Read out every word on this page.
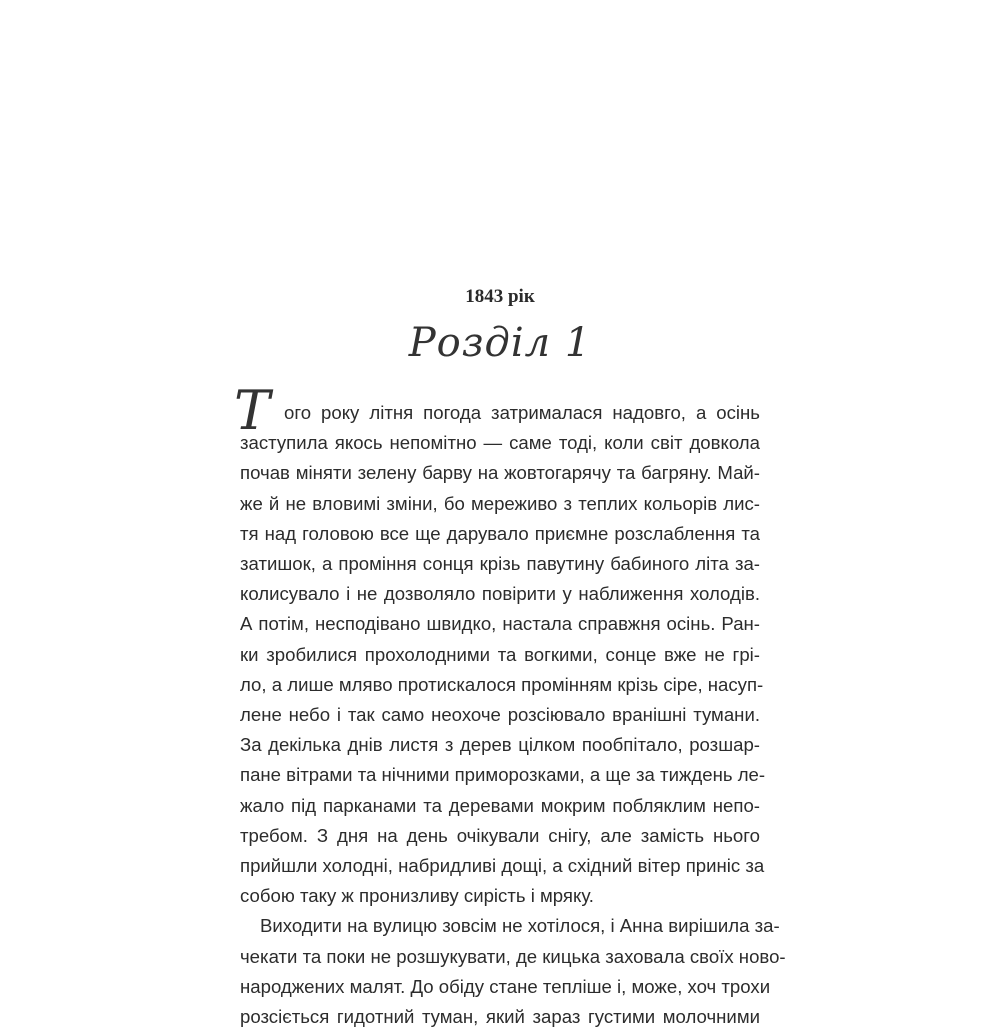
1843 рік
Розділ 1
Т ого року літня погода затрималася надовго, а осінь
заступила якось непомітно — саме тоді, коли світ довкола
почав міняти зелену барву на жовтогарячу та багряну. Май-
же й не вловимі зміни, бо мереживо з теплих кольорів лис-
тя над головою все ще дарувало приємне розслаблення та
затишок, а проміння сонця крізь павутину бабиного літа за-
колисувало і не дозволяло повірити у наближення холодів.
А потім, несподівано швидко, настала справжня осінь. Ран-
ки зробилися прохолодними та вогкими, сонце вже не грі-
ло, а лише мляво протискалося промінням крізь сіре, насуп-
лене небо і так само неохоче розсіювало вранішні тумани.
За декілька днів листя з дерев цілком пообпітало, розшар-
пане вітрами та нічними приморозками, а ще за тиждень ле-
жало під парканами та деревами мокрим побляклим непо-
требом. З дня на день очікували снігу, але замість нього
прийшли холодні, набридливі дощі, а східний вітер приніс за
собою таку ж пронизливу сирість і мряку.
Виходити на вулицю зовсім не хотілося, і Анна вирішила за-
чекати та поки не розшукувати, де кицька заховала своїх ново-
народжених малят. До обіду стане тепліше і, може, хоч трохи
розсіється гидотний туман, який зараз густими молочними
